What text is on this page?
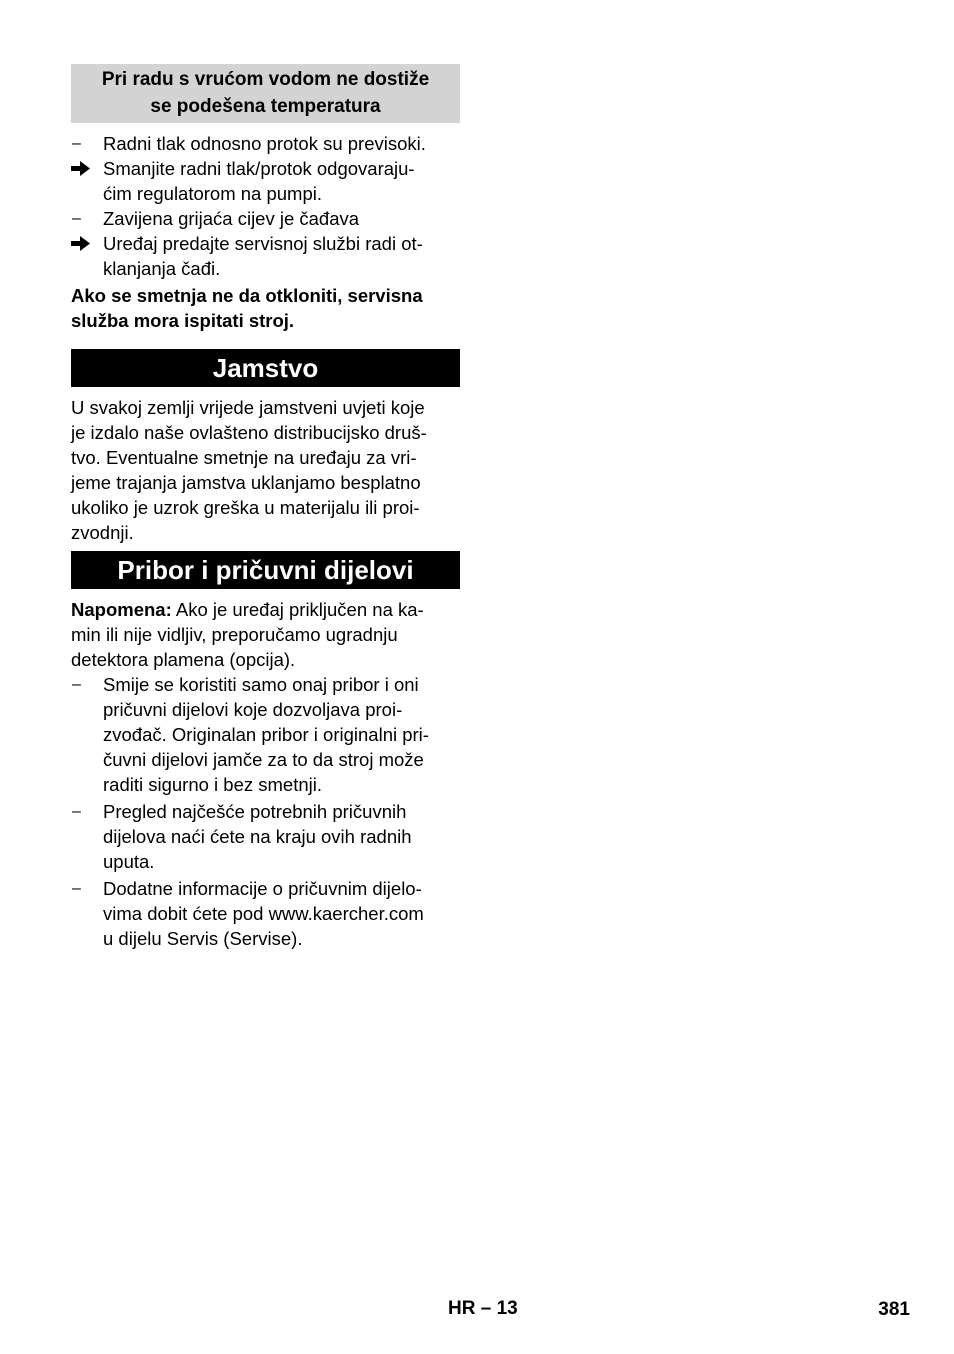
Pri radu s vrućom vodom ne dostiže
se podešena temperatura
–	Radni tlak odnosno protok su previsoki.
Smanjite radni tlak/protok odgovaraju-
ćim regulatorom na pumpi.
–	Zavijena grijaća cijev je čađava
Uređaj predajte servisnoj službi radi ot-
klanjanja čađi.
Ako se smetnja ne da otkloniti, servisna
služba mora ispitati stroj.
Jamstvo
U svakoj zemlji vrijede jamstveni uvjeti koje
je izdalo naše ovlašteno distribucijsko druš-
tvo. Eventualne smetnje na uređaju za vri-
jeme trajanja jamstva uklanjamo besplatno
ukoliko je uzrok greška u materijalu ili proi-
zvodnji.
Pribor i pričuvni dijelovi
Napomena: Ako je uređaj priključen na ka-
min ili nije vidljiv, preporučamo ugradnju
detektora plamena (opcija).
–	Smije se koristiti samo onaj pribor i oni
pričuvni dijelovi koje dozvoljava proi-
zvođač. Originalan pribor i originalni pri-
čuvni dijelovi jamče za to da stroj može
raditi sigurno i bez smetnji.
–	Pregled najčešće potrebnih pričuvnih
dijelova naći ćete na kraju ovih radnih
uputa.
–	Dodatne informacije o pričuvnim dijelo-
vima dobit ćete pod www.kaercher.com
u dijelu Servis (Servise).
HR – 13	381
